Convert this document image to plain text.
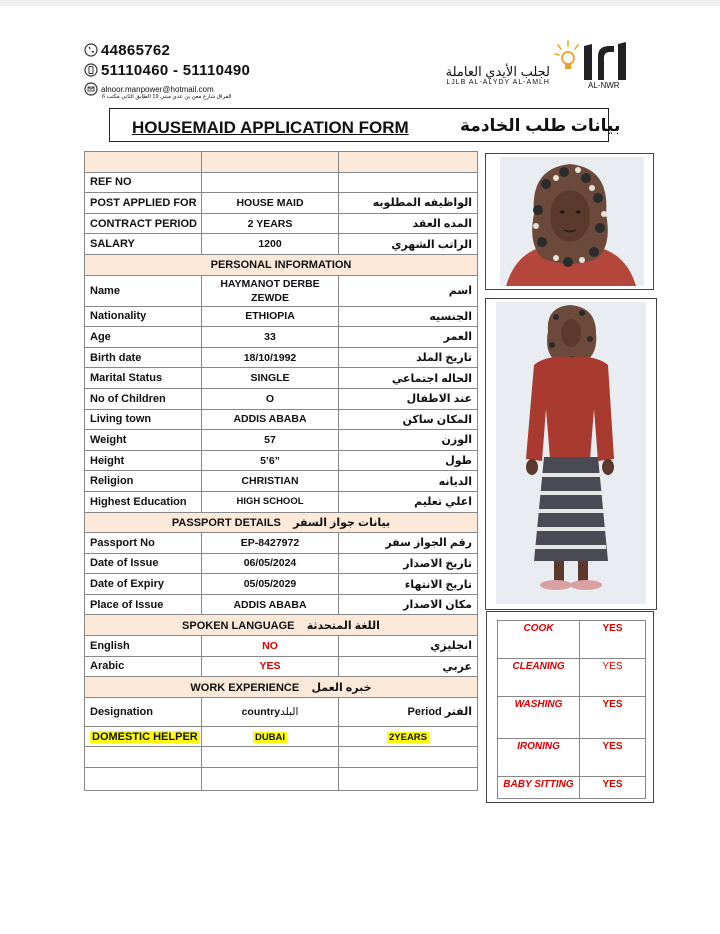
44865762
51110460 - 51110490
alnoor.manpower@hotmail.com
الفراق شارع معن بن عدي مبني 19 الطابق الثاني مكتب 6
لجلب الأيدي العاملة
LJLB AL-ALYDY AL-AMLH	AL-NWR
HOUSEMAID APPLICATION FORM	بيانات طلب الخادمة

REF NO		
POST APPLIED FOR	HOUSE MAID	الواظيفه المطلوبه
CONTRACT PERIOD	2 YEARS	المده العقد
SALARY	1200	الراتب الشهري
PERSONAL INFORMATION		
Name	HAYMANOT DERBE ZEWDE	اسم
Nationality	ETHIOPIA	الجنسيه
Age	33	العمر
Birth date	18/10/1992	تاريخ الملد
Marital Status	SINGLE	الحاله اجتماعي
No of Children	O	عند الاطفال
Living town	ADDIS ABABA	المكان ساكن
Weight	57	الوزن
Height	5’6”	طول
Religion	CHRISTIAN	الديانه
Highest Education	HIGH SCHOOL	اعلي تعليم
PASSPORT DETAILS بيانات جواز السفر		
Passport No	EP-8427972	رقم الجواز سفر
Date of Issue	06/05/2024	تاريخ الاصدار
Date of Expiry	05/05/2029	تاريخ الانتهاء
Place of Issue	ADDIS ABABA	مكان الاصدار
SPOKEN LANGUAGE اللغة المتحدثة		
English	NO	انجليزي
Arabic	YES	عربي
WORK EXPERIENCE خبره العمل		
Designation	countryالبلد	Period الفتر
DOMESTIC HELPER	DUBAI	2YEARS

COOK	YES
CLEANING	YES
WASHING	YES
IRONING	YES
BABY SITTING	YES
